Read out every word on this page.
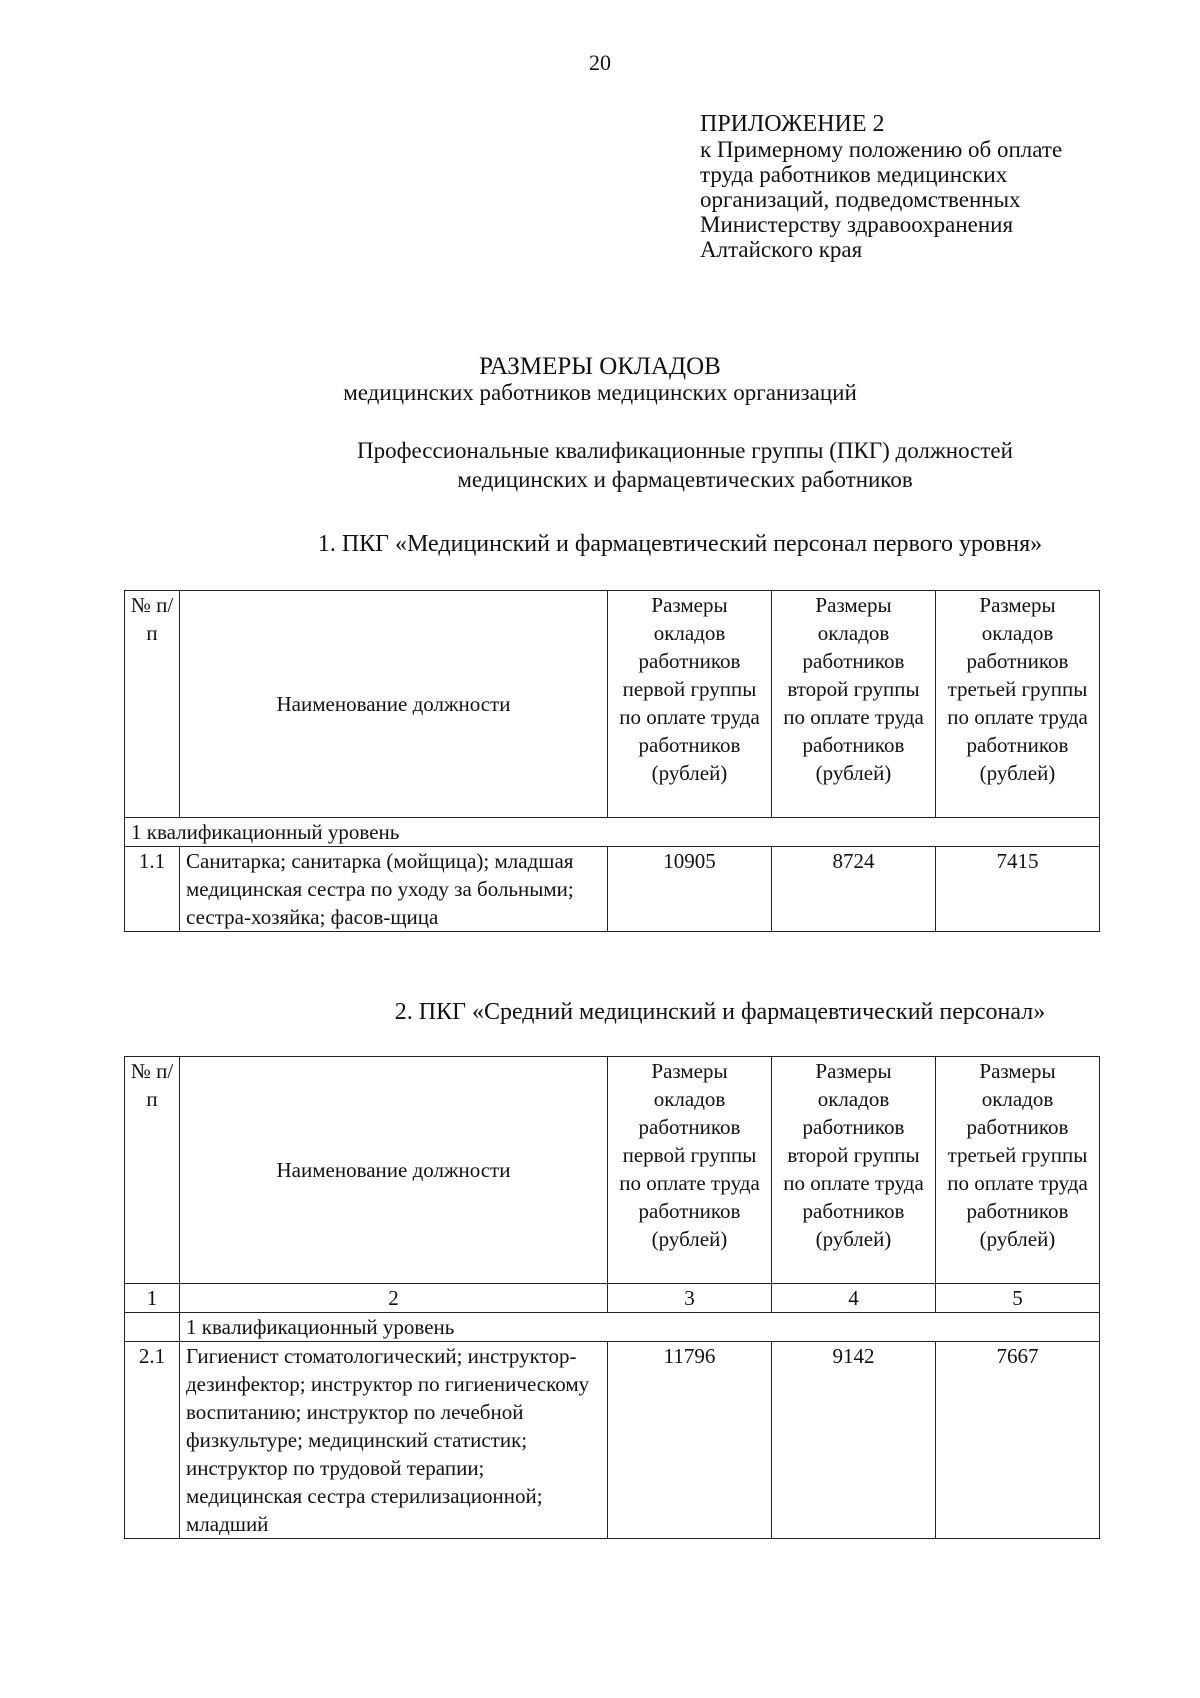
20
ПРИЛОЖЕНИЕ 2
к Примерному положению об оплате
труда работников медицинских
организаций, подведомственных
Министерству здравоохранения
Алтайского края
РАЗМЕРЫ ОКЛАДОВ
медицинских работников медицинских организаций
Профессиональные квалификационные группы (ПКГ) должностей
медицинских и фармацевтических работников
1. ПКГ «Медицинский и фармацевтический персонал первого уровня»
№ п/п	Наименование должности	Размеры окладов работников первой группы по оплате труда работников (рублей)	Размеры окладов работников второй группы по оплате труда работников (рублей)	Размеры окладов работников третьей группы по оплате труда работников (рублей)
1 квалификационный уровень				
1.1	Санитарка; санитарка (мойщица); младшая медицинская сестра по уходу за больными; сестра-хозяйка; фасов-щица	10905	8724	7415
2. ПКГ «Средний медицинский и фармацевтический персонал»
№ п/п	Наименование должности	Размеры окладов работников первой группы по оплате труда работников (рублей)	Размеры окладов работников второй группы по оплате труда работников (рублей)	Размеры окладов работников третьей группы по оплате труда работников (рублей)
1	2	3	4	5
	1 квалификационный уровень			
2.1	Гигиенист стоматологический; инструктор-дезинфектор; инструктор по гигиеническому воспитанию; инструктор по лечебной физкультуре; медицинский статистик; инструктор по трудовой терапии; медицинская сестра стерилизационной; младший	11796	9142	7667
